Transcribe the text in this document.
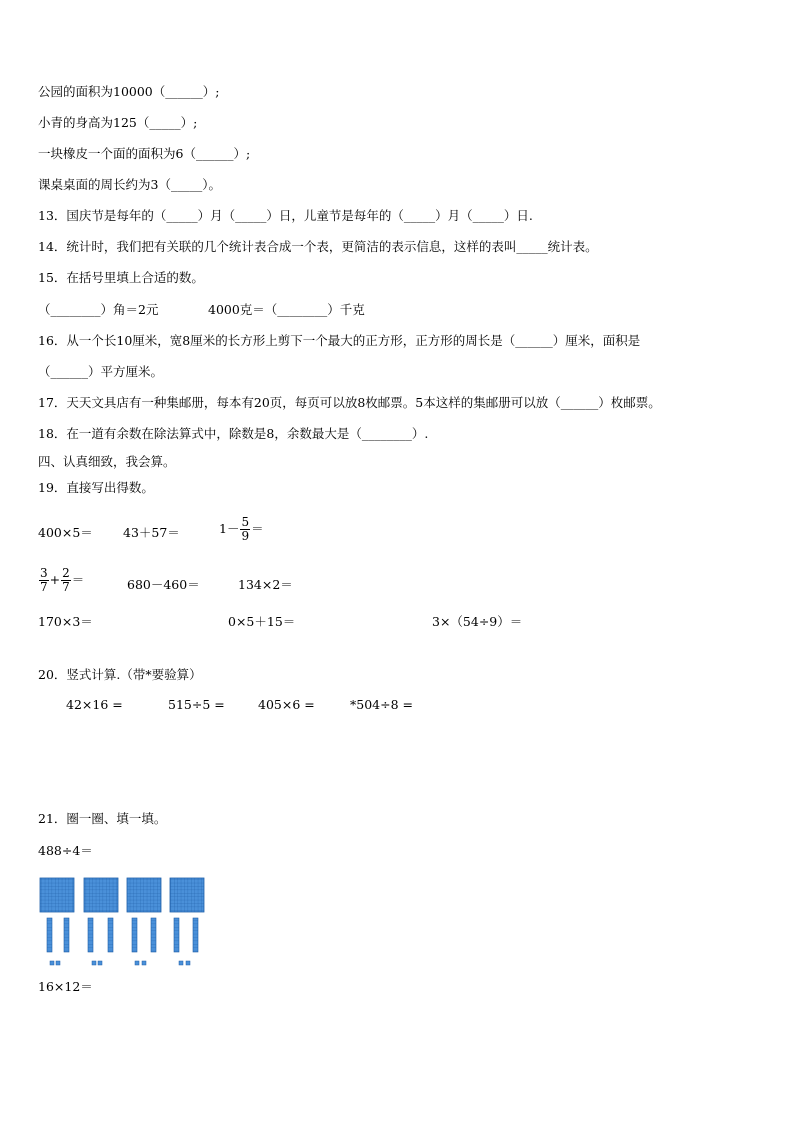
公园的面积为10000（______）;
小青的身高为125（_____）;
一块橡皮一个面的面积为6（______）;
课桌桌面的周长约为3（_____）。
13．国庆节是每年的（_____）月（_____）日，儿童节是每年的（_____）月（_____）日.
14．统计时，我们把有关联的几个统计表合成一个表，更简洁的表示信息，这样的表叫_____统计表。
15．在括号里填上合适的数。
（________）角＝2元	4000克＝（________）千克
16．从一个长10厘米，宽8厘米的长方形上剪下一个最大的正方形，正方形的周长是（______）厘米，面积是
（______）平方厘米。
17．天天文具店有一种集邮册，每本有20页，每页可以放8枚邮票。5本这样的集邮册可以放（______）枚邮票。
18．在一道有余数在除法算式中，除数是8，余数最大是（________）.
四、认真细致，我会算。
19．直接写出得数。
400×5＝ 43＋57＝	$1- \frac{5}{9}$ ＝
$\frac{3}{7} + \frac{2}{7}$ ＝	680－460＝	134×2＝
170×3＝	0×5＋15＝	3×（54÷9）＝
20．竖式计算.（带*要验算）
42×16 =	515÷5 =	405×6 =	*504÷8 =
21．圈一圈、填一填。
488÷4＝
16×12＝
